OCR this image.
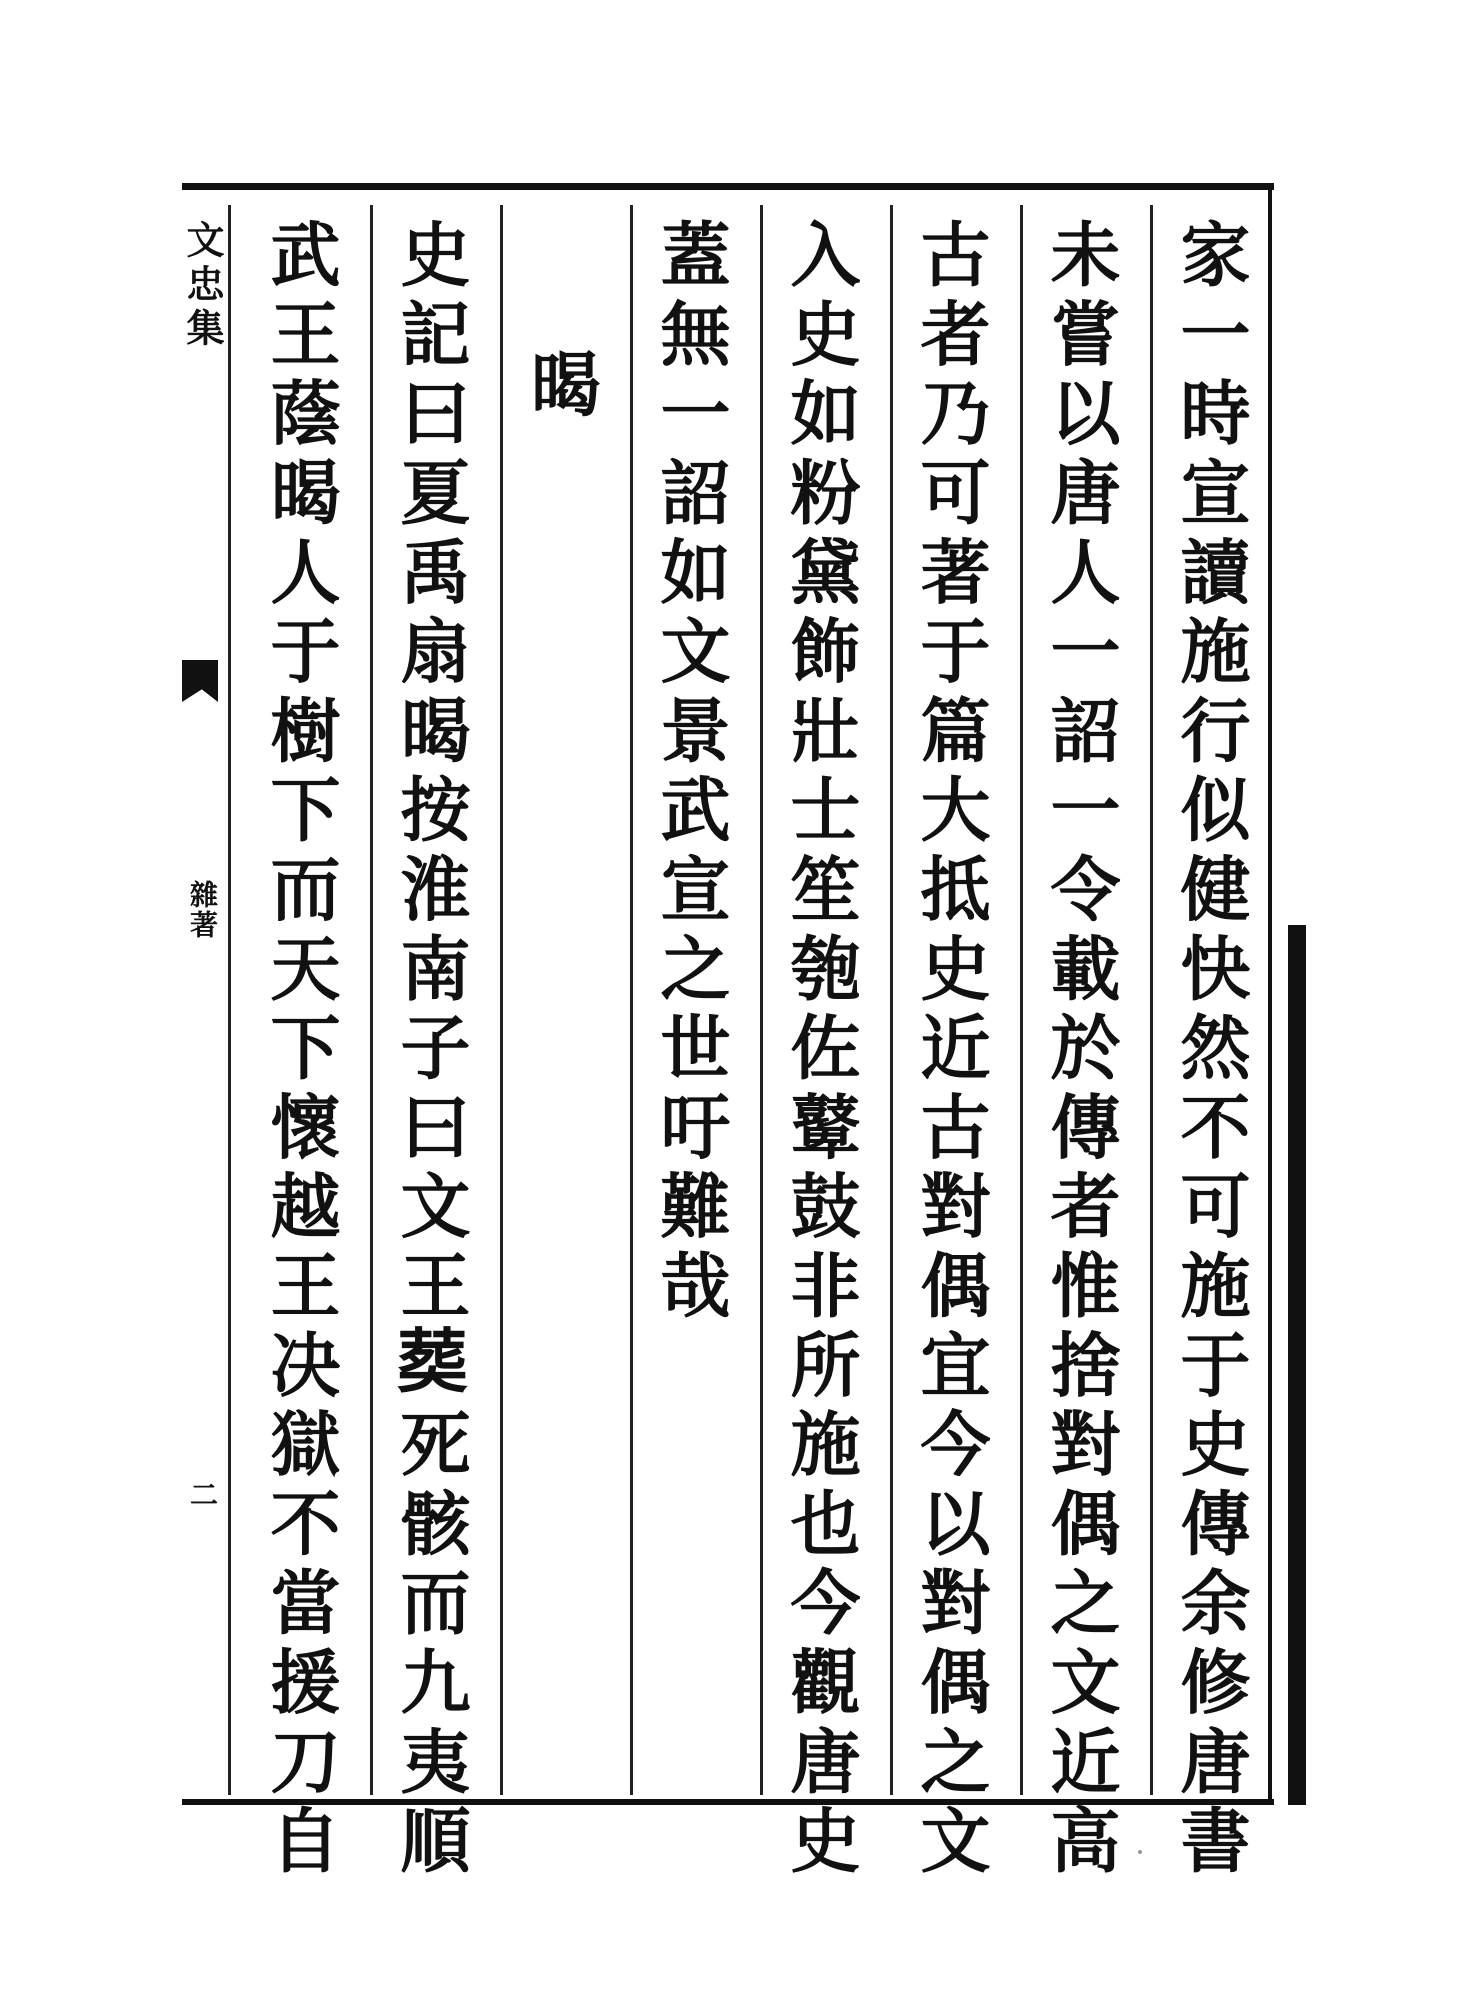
文忠集
雜著
二	家一時宣讀施行似健快然不可施于史傳余修唐書
未嘗以唐人一詔一令載於傳者惟捨對偶之文近高
古者乃可著于篇大抵史近古對偶宜今以對偶之文
入史如粉黛飾壯士笙匏佐鼙鼓非所施也今觀唐史
蓋無一詔如文景武宣之世吁難哉
暍
史記曰夏禹扇暍按淮南子曰文王𦵏死骸而九夷順
武王蔭暍人于樹下而天下懷越王决獄不當援刀自
